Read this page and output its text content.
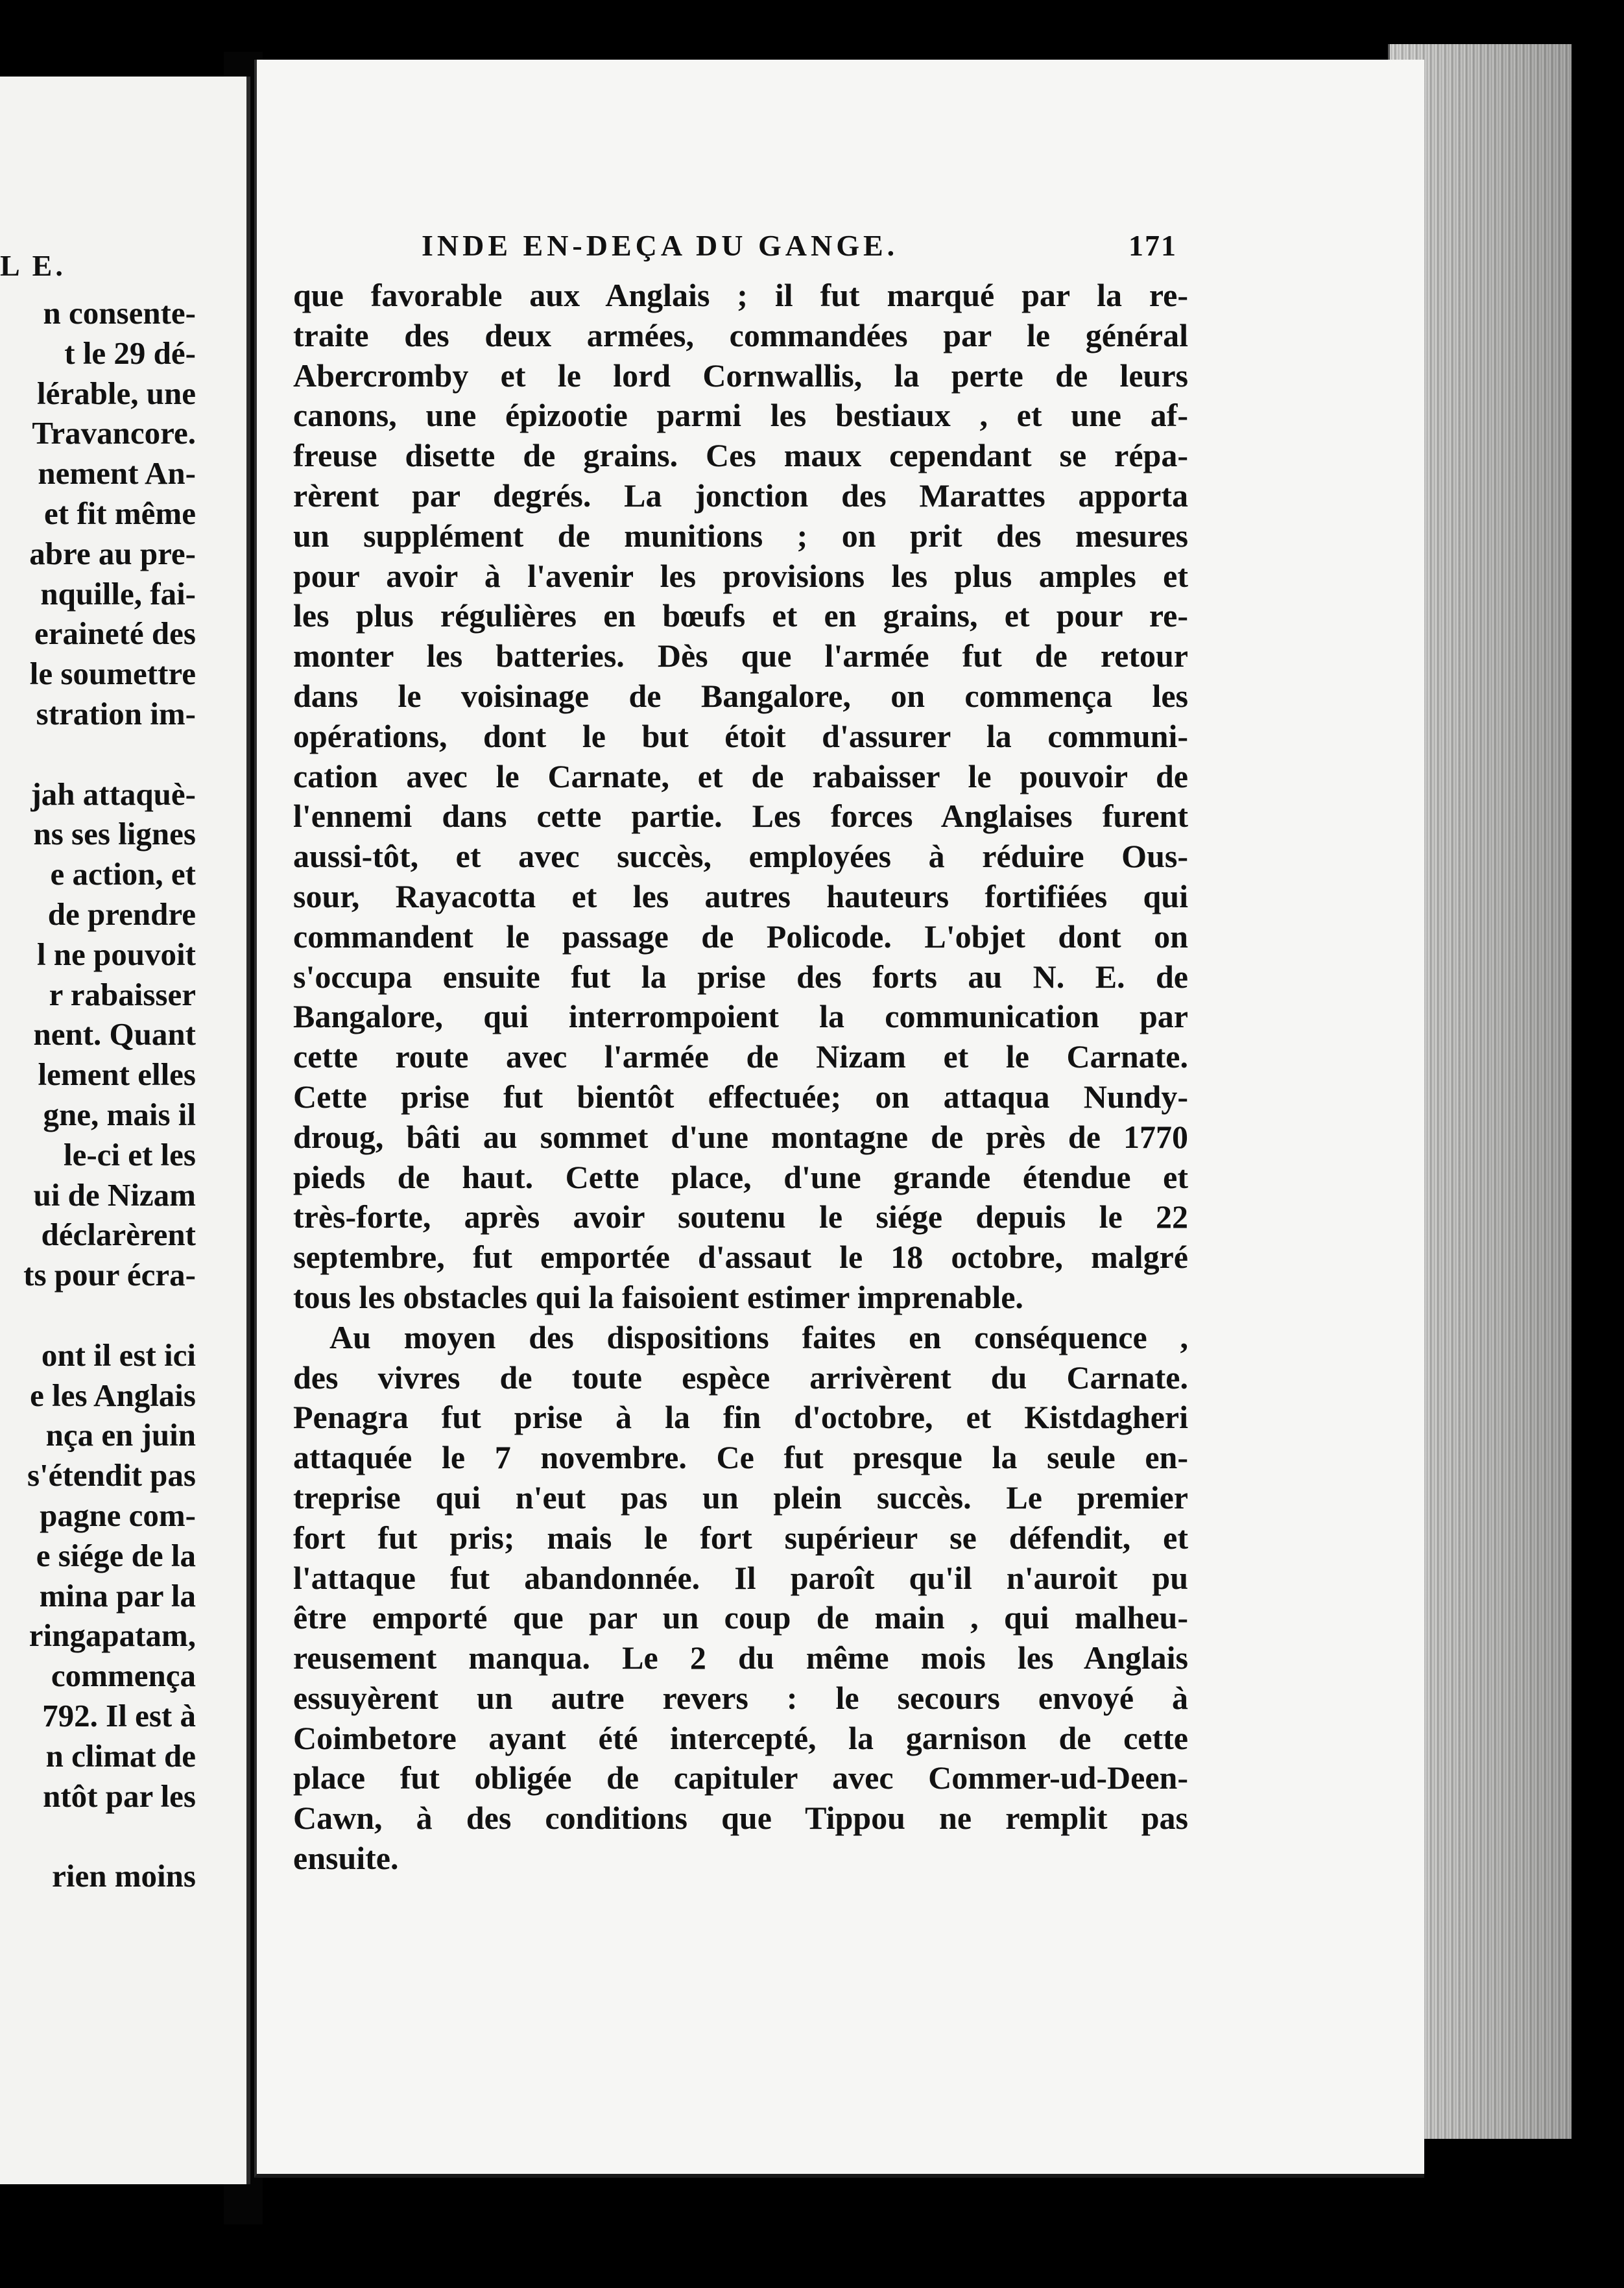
L E.
n consente-
t le 29 dé-
lérable, une
Travancore.
nement An-
et fit même
abre au pre-
nquille, fai-
eraineté des
le soumettre
stration im-
jah attaquè-
ns ses lignes
e action, et
de prendre
l ne pouvoit
r rabaisser
nent. Quant
lement elles
gne, mais il
le-ci et les
ui de Nizam
déclarèrent
ts pour écra-
ont il est ici
e les Anglais
nça en juin
s'étendit pas
pagne com-
e siége de la
mina par la
ringapatam,
commença
792. Il est à
n climat de
ntôt par les
rien moins
INDE EN-DEÇA DU GANGE.	171
que favorable aux Anglais ; il fut marqué par la re-
traite des deux armées, commandées par le général
Abercromby et le lord Cornwallis, la perte de leurs
canons, une épizootie parmi les bestiaux , et une af-
freuse disette de grains. Ces maux cependant se répa-
rèrent par degrés. La jonction des Marattes apporta
un supplément de munitions ; on prit des mesures
pour avoir à l'avenir les provisions les plus amples et
les plus régulières en bœufs et en grains, et pour re-
monter les batteries. Dès que l'armée fut de retour
dans le voisinage de Bangalore, on commença les
opérations, dont le but étoit d'assurer la communi-
cation avec le Carnate, et de rabaisser le pouvoir de
l'ennemi dans cette partie. Les forces Anglaises furent
aussi-tôt, et avec succès, employées à réduire Ous-
sour, Rayacotta et les autres hauteurs fortifiées qui
commandent le passage de Policode. L'objet dont on
s'occupa ensuite fut la prise des forts au N. E. de
Bangalore, qui interrompoient la communication par
cette route avec l'armée de Nizam et le Carnate.
Cette prise fut bientôt effectuée; on attaqua Nundy-
droug, bâti au sommet d'une montagne de près de 1770
pieds de haut. Cette place, d'une grande étendue et
très-forte, après avoir soutenu le siége depuis le 22
septembre, fut emportée d'assaut le 18 octobre, malgré
tous les obstacles qui la faisoient estimer imprenable.
Au moyen des dispositions faites en conséquence ,
des vivres de toute espèce arrivèrent du Carnate.
Penagra fut prise à la fin d'octobre, et Kistdagheri
attaquée le 7 novembre. Ce fut presque la seule en-
treprise qui n'eut pas un plein succès. Le premier
fort fut pris; mais le fort supérieur se défendit, et
l'attaque fut abandonnée. Il paroît qu'il n'auroit pu
être emporté que par un coup de main , qui malheu-
reusement manqua. Le 2 du même mois les Anglais
essuyèrent un autre revers : le secours envoyé à
Coimbetore ayant été intercepté, la garnison de cette
place fut obligée de capituler avec Commer-ud-Deen-
Cawn, à des conditions que Tippou ne remplit pas
ensuite.
